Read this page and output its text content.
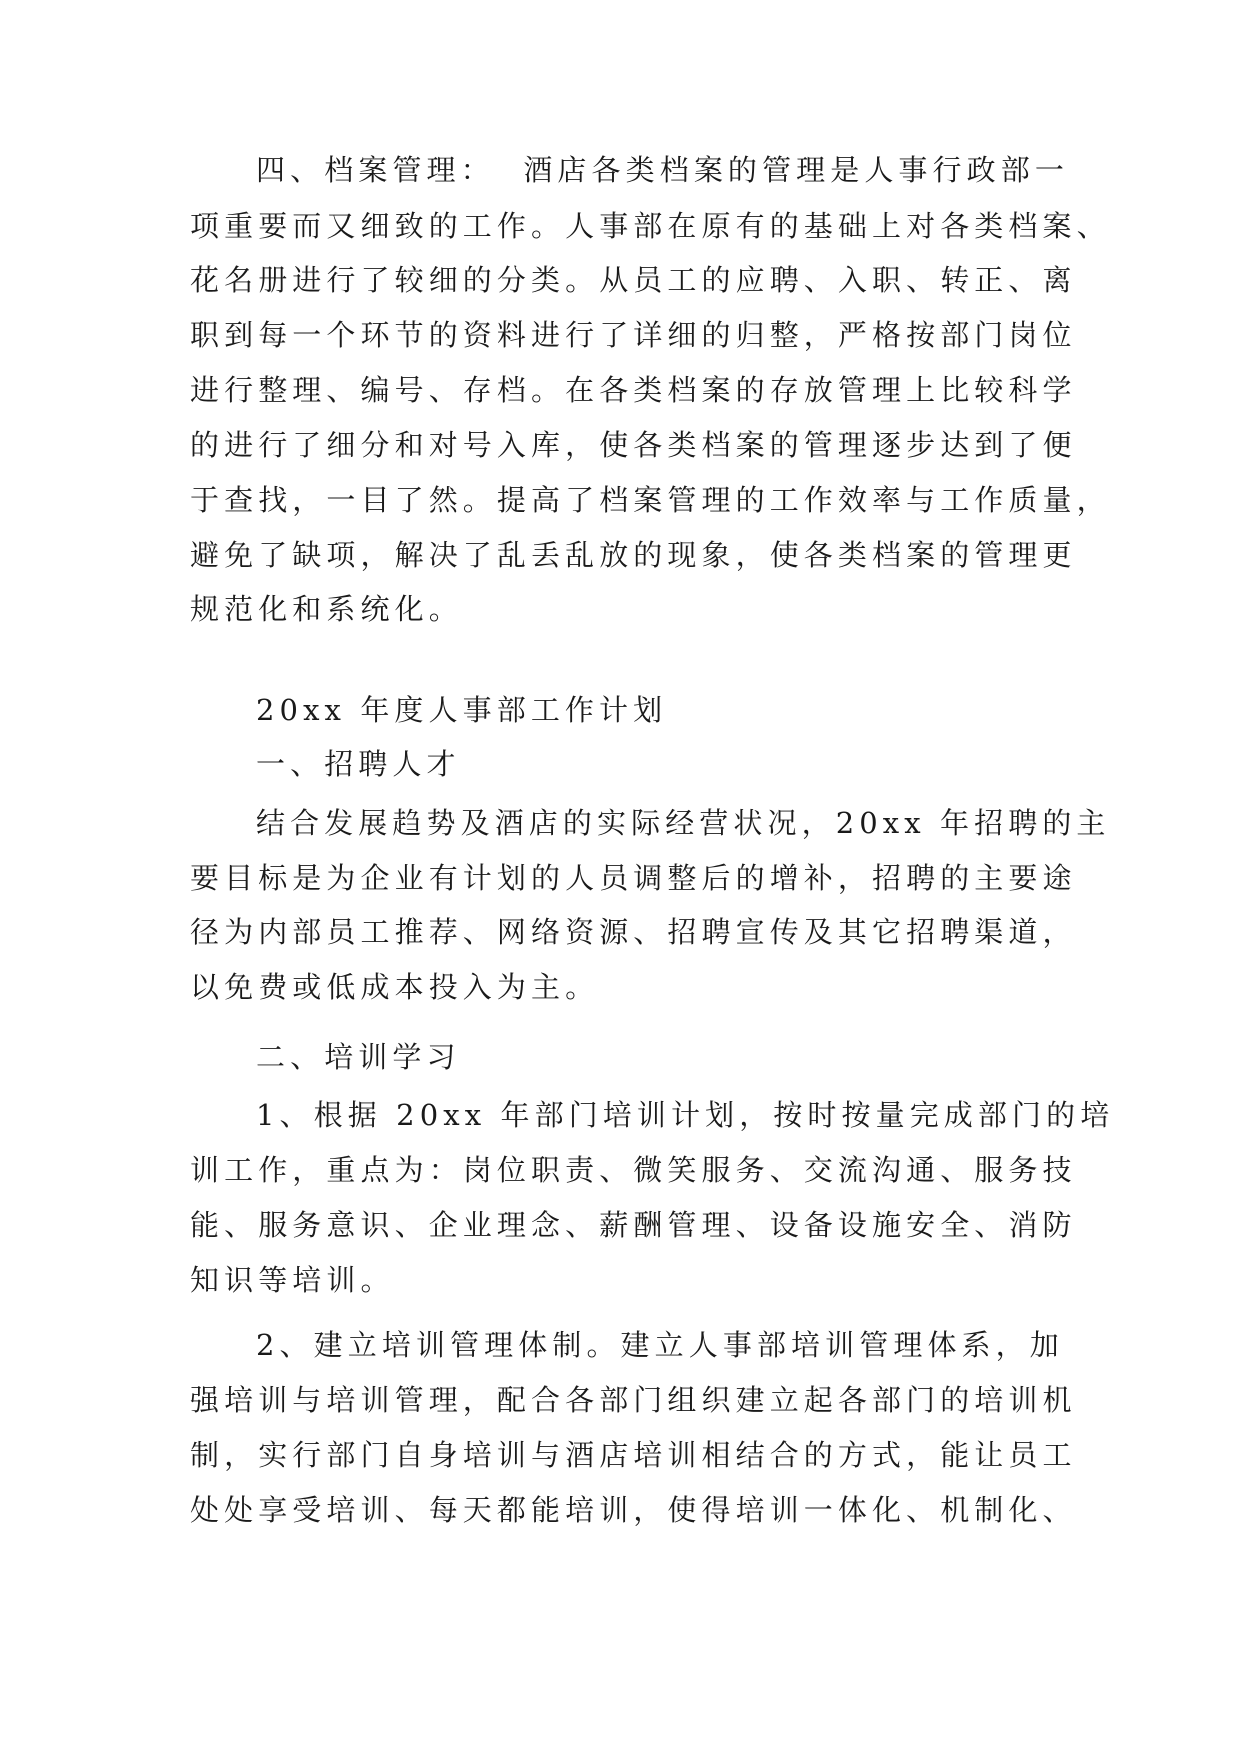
四、档案管理：  酒店各类档案的管理是人事行政部一
项重要而又细致的工作。人事部在原有的基础上对各类档案、
花名册进行了较细的分类。从员工的应聘、入职、转正、离
职到每一个环节的资料进行了详细的归整，严格按部门岗位
进行整理、编号、存档。在各类档案的存放管理上比较科学
的进行了细分和对号入库，使各类档案的管理逐步达到了便
于查找，一目了然。提高了档案管理的工作效率与工作质量，
避免了缺项，解决了乱丢乱放的现象，使各类档案的管理更
规范化和系统化。
20xx 年度人事部工作计划
一、招聘人才
结合发展趋势及酒店的实际经营状况，20xx 年招聘的主
要目标是为企业有计划的人员调整后的增补，招聘的主要途
径为内部员工推荐、网络资源、招聘宣传及其它招聘渠道，
以免费或低成本投入为主。
二、培训学习
1、根据 20xx 年部门培训计划，按时按量完成部门的培
训工作，重点为：岗位职责、微笑服务、交流沟通、服务技
能、服务意识、企业理念、薪酬管理、设备设施安全、消防
知识等培训。
2、建立培训管理体制。建立人事部培训管理体系，加
强培训与培训管理，配合各部门组织建立起各部门的培训机
制，实行部门自身培训与酒店培训相结合的方式，能让员工
处处享受培训、每天都能培训，使得培训一体化、机制化、
